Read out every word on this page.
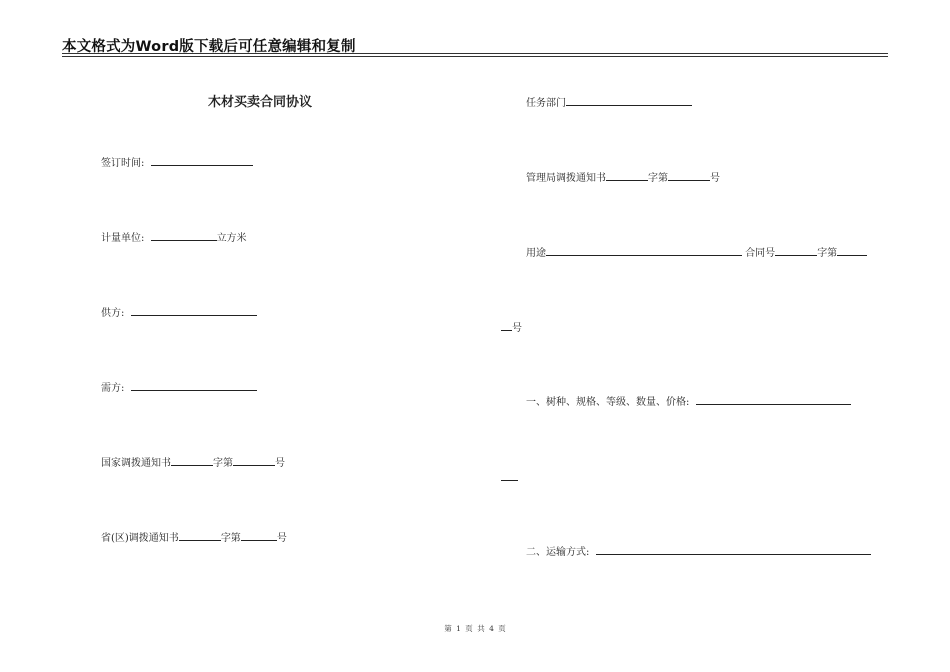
本文格式为Word版下载后可任意编辑和复制
木材买卖合同协议
签订时间:
计量单位:	立方米
供方:
需方:
国家调拨通知书	字第	号
省(区)调拨通知书	字第	号
任务部门
管理局调拨通知书	字第	号
用途	合同号	字第
号
一、树种、规格、等级、数量、价格:
二、运输方式:
第 1 页 共 4 页
